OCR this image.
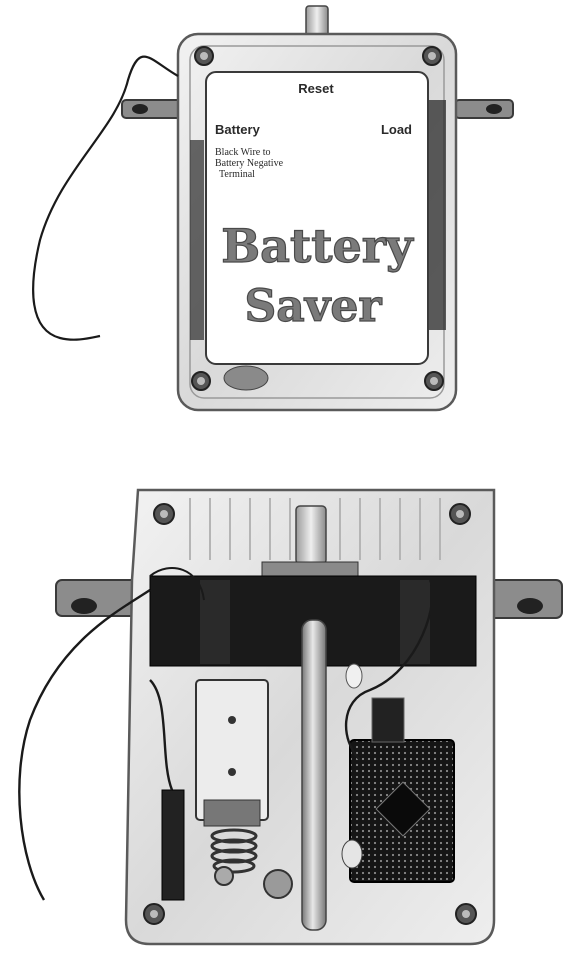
Reset
Battery	Load
Black Wire to
Battery Negative
Terminal
Battery
Saver
